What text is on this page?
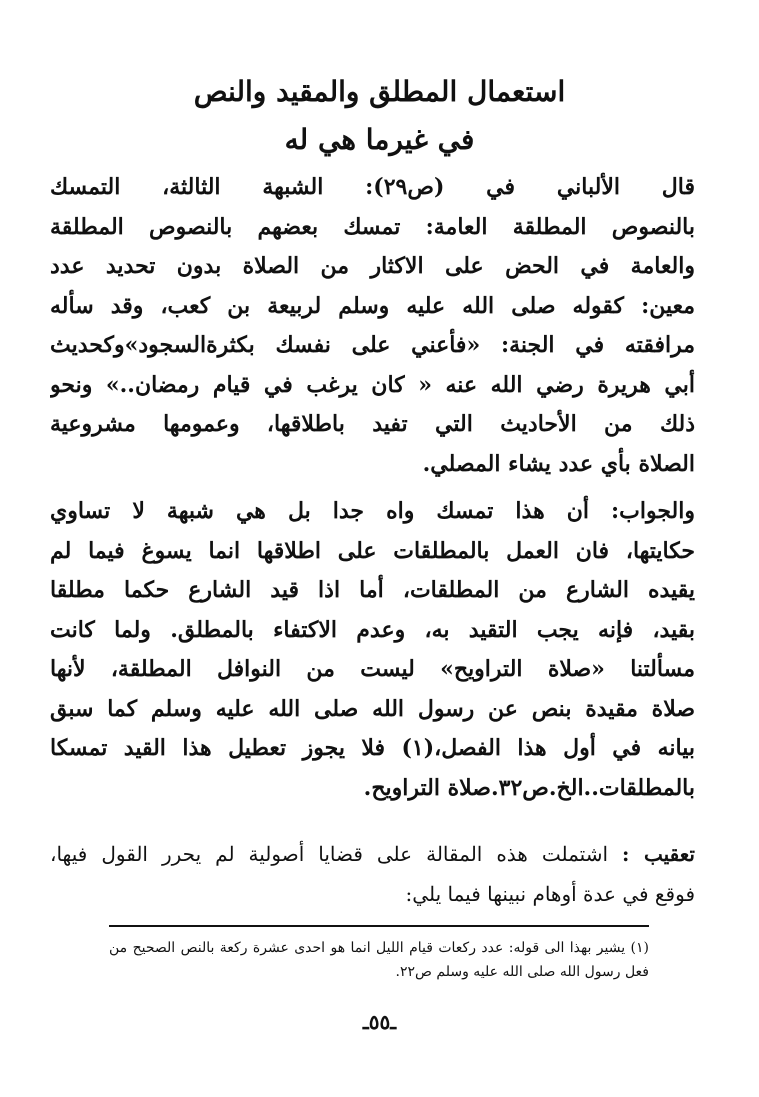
استعمال المطلق والمقيد والنص
في غيرما هي له
قال الألباني في (ص٢٩): الشبهة الثالثة، التمسك
بالنصوص المطلقة العامة: تمسك بعضهم بالنصوص المطلقة
والعامة في الحض على الاكثار من الصلاة بدون تحديد عدد
معين: كقوله صلى الله عليه وسلم لربيعة بن كعب، وقد سأله
مرافقته في الجنة: «فأعني على نفسك بكثرةالسجود»وكحديث
أبي هريرة رضي الله عنه « كان يرغب في قيام رمضان..» ونحو
ذلك من الأحاديث التي تفيد باطلاقها، وعمومها مشروعية
الصلاة بأي عدد يشاء المصلي.
والجواب: أن هذا تمسك واه جدا بل هي شبهة لا تساوي
حكايتها، فان العمل بالمطلقات على اطلاقها انما يسوغ فيما لم
يقيده الشارع من المطلقات، أما اذا قيد الشارع حكما مطلقا
بقيد، فإنه يجب التقيد به، وعدم الاكتفاء بالمطلق. ولما كانت
مسألتنا «صلاة التراويح» ليست من النوافل المطلقة، لأنها
صلاة مقيدة بنص عن رسول الله صلى الله عليه وسلم كما سبق
بيانه في أول هذا الفصل،(١) فلا يجوز تعطيل هذا القيد تمسكا
بالمطلقات..الخ.ص٣٢.صلاة التراويح.
تعقيب : اشتملت هذه المقالة على قضايا أصولية لم يحرر القول فيها،
فوقع في عدة أوهام نبينها فيما يلي:
(١) يشير بهذا الى قوله: عدد ركعات قيام الليل انما هو احدى عشرة ركعة بالنص الصحيح من
فعل رسول الله صلى الله عليه وسلم ص٢٢.
ـ٥٥ـ
